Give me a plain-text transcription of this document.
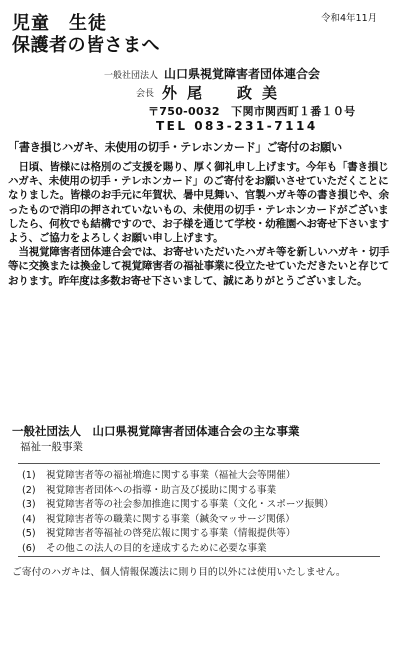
令和4年11月
児童　生徒
保護者の皆さまへ
一般社団法人 山口県視覚障害者団体連合会
会長 外尾　政美
〒750-0032　下関市関西町１番１０号
TEL 083-231-7114
「書き損じハガキ、未使用の切手・テレホンカード」ご寄付のお願い

日頃、皆様には格別のご支援を賜り、厚く御礼申し上げます。今年も「書き損じハガキ、未使用の切手・テレホンカード」のご寄付をお願いさせていただくことになりました。皆様のお手元に年賀状、暑中見舞い、官製ハガキ等の書き損じや、余ったもので消印の押されていないもの、未使用の切手・テレホンカードがございましたら、何枚でも結構ですので、お子様を通じて学校・幼稚園へお寄せ下さいますよう、ご協力をよろしくお願い申し上げます。

当視覚障害者団体連合会では、お寄せいただいたハガキ等を新しいハガキ・切手等に交換または換金して視覚障害者の福祉事業に役立たせていただきたいと存じております。昨年度は多数お寄せ下さいまして、誠にありがとうございました。

一般社団法人　山口県視覚障害者団体連合会の主な事業
福祉一般事業
(1) 視覚障害者等の福祉増進に関する事業（福祉大会等開催）
(2) 視覚障害者団体への指導・助言及び援助に関する事業
(3) 視覚障害者等の社会参加推進に関する事業（文化・スポーツ振興）
(4) 視覚障害者等の職業に関する事業（鍼灸マッサージ関係）
(5) 視覚障害者等福祉の啓発広報に関する事業（情報提供等）
(6) その他この法人の目的を達成するために必要な事業
ご寄付のハガキは、個人情報保護法に則り目的以外には使用いたしません。
